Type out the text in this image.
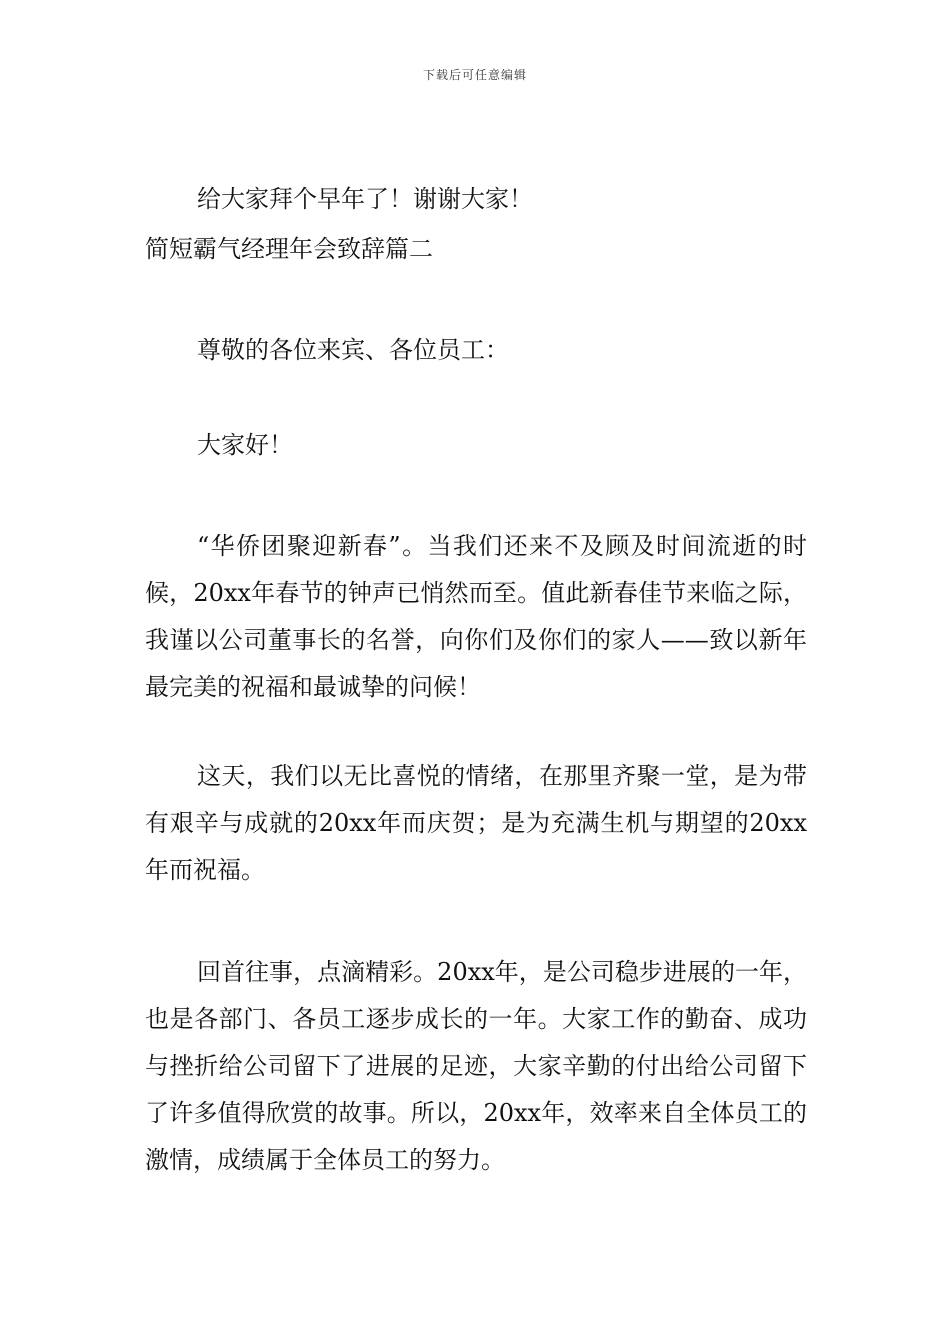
下载后可任意编辑

给大家拜个早年了！谢谢大家！

简短霸气经理年会致辞篇二

尊敬的各位来宾、各位员工：

大家好！

“华侨团聚迎新春”。当我们还来不及顾及时间流逝的时候，20xx年春节的钟声已悄然而至。值此新春佳节来临之际，我谨以公司董事长的名誉，向你们及你们的家人——致以新年最完美的祝福和最诚挚的问候！

这天，我们以无比喜悦的情绪，在那里齐聚一堂，是为带有艰辛与成就的20xx年而庆贺；是为充满生机与期望的20xx年而祝福。

回首往事，点滴精彩。20xx年，是公司稳步进展的一年，也是各部门、各员工逐步成长的一年。大家工作的勤奋、成功与挫折给公司留下了进展的足迹，大家辛勤的付出给公司留下了许多值得欣赏的故事。所以，20xx年，效率来自全体员工的激情，成绩属于全体员工的努力。
